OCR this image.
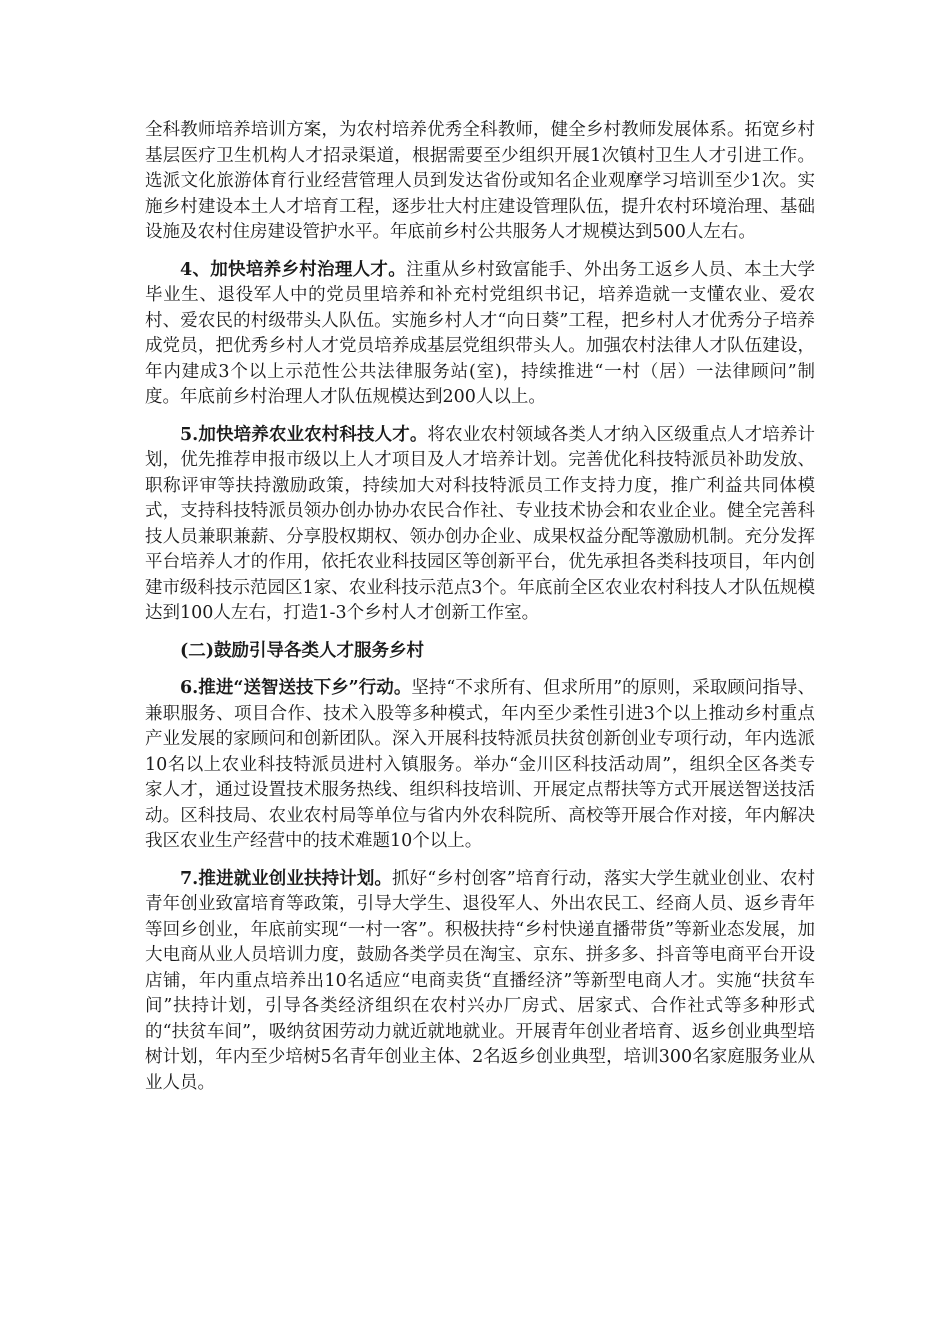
全科教师培养培训方案，为农村培养优秀全科教师，健全乡村教师发展体系。拓宽乡村基层医疗卫生机构人才招录渠道，根据需要至少组织开展1次镇村卫生人才引进工作。选派文化旅游体育行业经营管理人员到发达省份或知名企业观摩学习培训至少1次。实施乡村建设本土人才培育工程，逐步壮大村庄建设管理队伍，提升农村环境治理、基础设施及农村住房建设管护水平。年底前乡村公共服务人才规模达到500人左右。

4、加快培养乡村治理人才。注重从乡村致富能手、外出务工返乡人员、本土大学毕业生、退役军人中的党员里培养和补充村党组织书记，培养造就一支懂农业、爱农村、爱农民的村级带头人队伍。实施乡村人才“向日葵”工程，把乡村人才优秀分子培养成党员，把优秀乡村人才党员培养成基层党组织带头人。加强农村法律人才队伍建设，年内建成3个以上示范性公共法律服务站(室)，持续推进“一村（居）一法律顾问”制度。年底前乡村治理人才队伍规模达到200人以上。

5.加快培养农业农村科技人才。将农业农村领域各类人才纳入区级重点人才培养计划，优先推荐申报市级以上人才项目及人才培养计划。完善优化科技特派员补助发放、职称评审等扶持激励政策，持续加大对科技特派员工作支持力度，推广利益共同体模式，支持科技特派员领办创办协办农民合作社、专业技术协会和农业企业。健全完善科技人员兼职兼薪、分享股权期权、领办创办企业、成果权益分配等激励机制。充分发挥平台培养人才的作用，依托农业科技园区等创新平台，优先承担各类科技项目，年内创建市级科技示范园区1家、农业科技示范点3个。年底前全区农业农村科技人才队伍规模达到100人左右，打造1-3个乡村人才创新工作室。

(二)鼓励引导各类人才服务乡村

6.推进“送智送技下乡”行动。坚持“不求所有、但求所用”的原则，采取顾问指导、兼职服务、项目合作、技术入股等多种模式，年内至少柔性引进3个以上推动乡村重点产业发展的家顾问和创新团队。深入开展科技特派员扶贫创新创业专项行动，年内选派10名以上农业科技特派员进村入镇服务。举办“金川区科技活动周”，组织全区各类专家人才，通过设置技术服务热线、组织科技培训、开展定点帮扶等方式开展送智送技活动。区科技局、农业农村局等单位与省内外农科院所、高校等开展合作对接，年内解决我区农业生产经营中的技术难题10个以上。

7.推进就业创业扶持计划。抓好“乡村创客”培育行动，落实大学生就业创业、农村青年创业致富培育等政策，引导大学生、退役军人、外出农民工、经商人员、返乡青年等回乡创业，年底前实现“一村一客”。积极扶持“乡村快递直播带货”等新业态发展，加大电商从业人员培训力度，鼓励各类学员在淘宝、京东、拼多多、抖音等电商平台开设店铺，年内重点培养出10名适应“电商卖货“直播经济”等新型电商人才。实施“扶贫车间”扶持计划，引导各类经济组织在农村兴办厂房式、居家式、合作社式等多种形式的“扶贫车间”，吸纳贫困劳动力就近就地就业。开展青年创业者培育、返乡创业典型培树计划，年内至少培树5名青年创业主体、2名返乡创业典型，培训300名家庭服务业从业人员。
